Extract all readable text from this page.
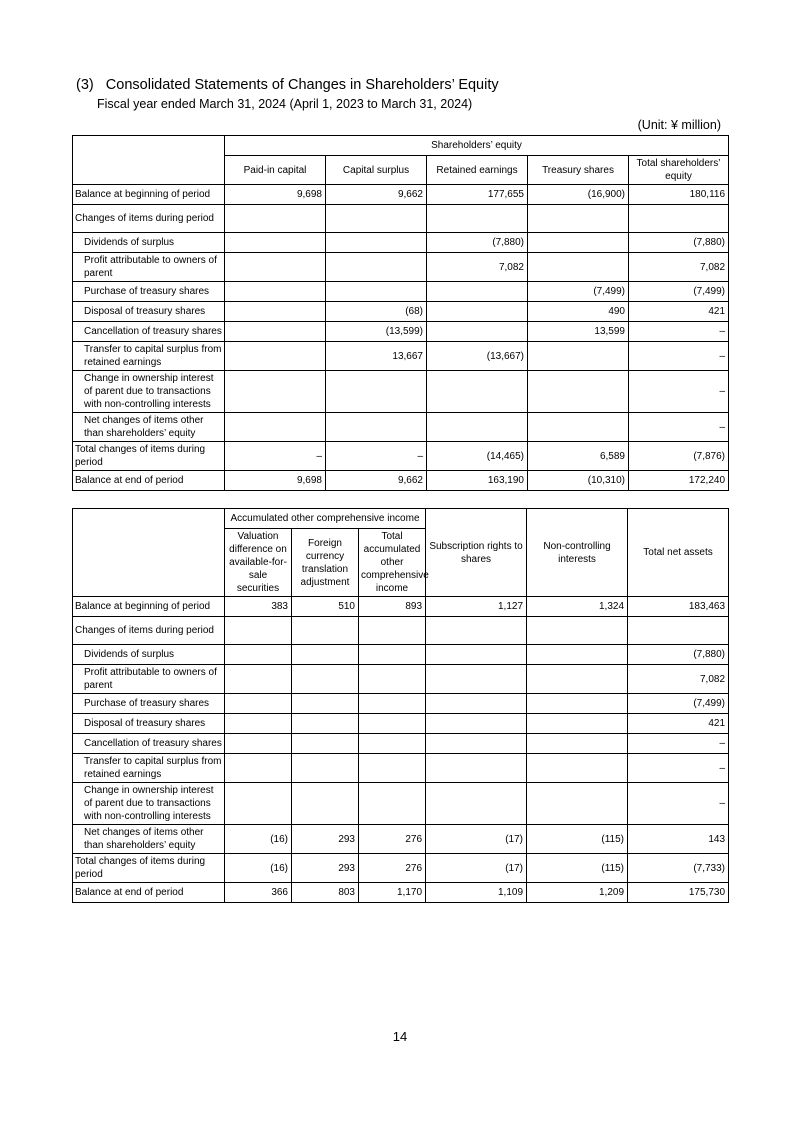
(3)   Consolidated Statements of Changes in Shareholders’ Equity
Fiscal year ended March 31, 2024 (April 1, 2023 to March 31, 2024)
(Unit: ¥ million)
	Shareholders’ equity				
	Paid-in capital	Capital surplus	Retained earnings	Treasury shares	Total shareholders’ equity
Balance at beginning of period	9,698	9,662	177,655	(16,900)	180,116
Changes of items during period					
Dividends of surplus			(7,880)		(7,880)
Profit attributable to owners of parent			7,082		7,082
Purchase of treasury shares				(7,499)	(7,499)
Disposal of treasury shares		(68)		490	421
Cancellation of treasury shares		(13,599)		13,599	–
Transfer to capital surplus from retained earnings		13,667	(13,667)		–
Change in ownership interest of parent due to transactions with non-controlling interests					–
Net changes of items other than shareholders’ equity					–
Total changes of items during period	–	–	(14,465)	6,589	(7,876)
Balance at end of period	9,698	9,662	163,190	(10,310)	172,240
	Accumulated other comprehensive income			Subscription rights to shares	Non-controlling interests	Total net assets
	Valuation difference on available-for-sale securities	Foreign currency translation adjustment	Total accumulated other comprehensive income			
Balance at beginning of period	383	510	893	1,127	1,324	183,463
Changes of items during period						
Dividends of surplus						(7,880)
Profit attributable to owners of parent						7,082
Purchase of treasury shares						(7,499)
Disposal of treasury shares						421
Cancellation of treasury shares						–
Transfer to capital surplus from retained earnings						–
Change in ownership interest of parent due to transactions with non-controlling interests						–
Net changes of items other than shareholders’ equity	(16)	293	276	(17)	(115)	143
Total changes of items during period	(16)	293	276	(17)	(115)	(7,733)
Balance at end of period	366	803	1,170	1,109	1,209	175,730
14
